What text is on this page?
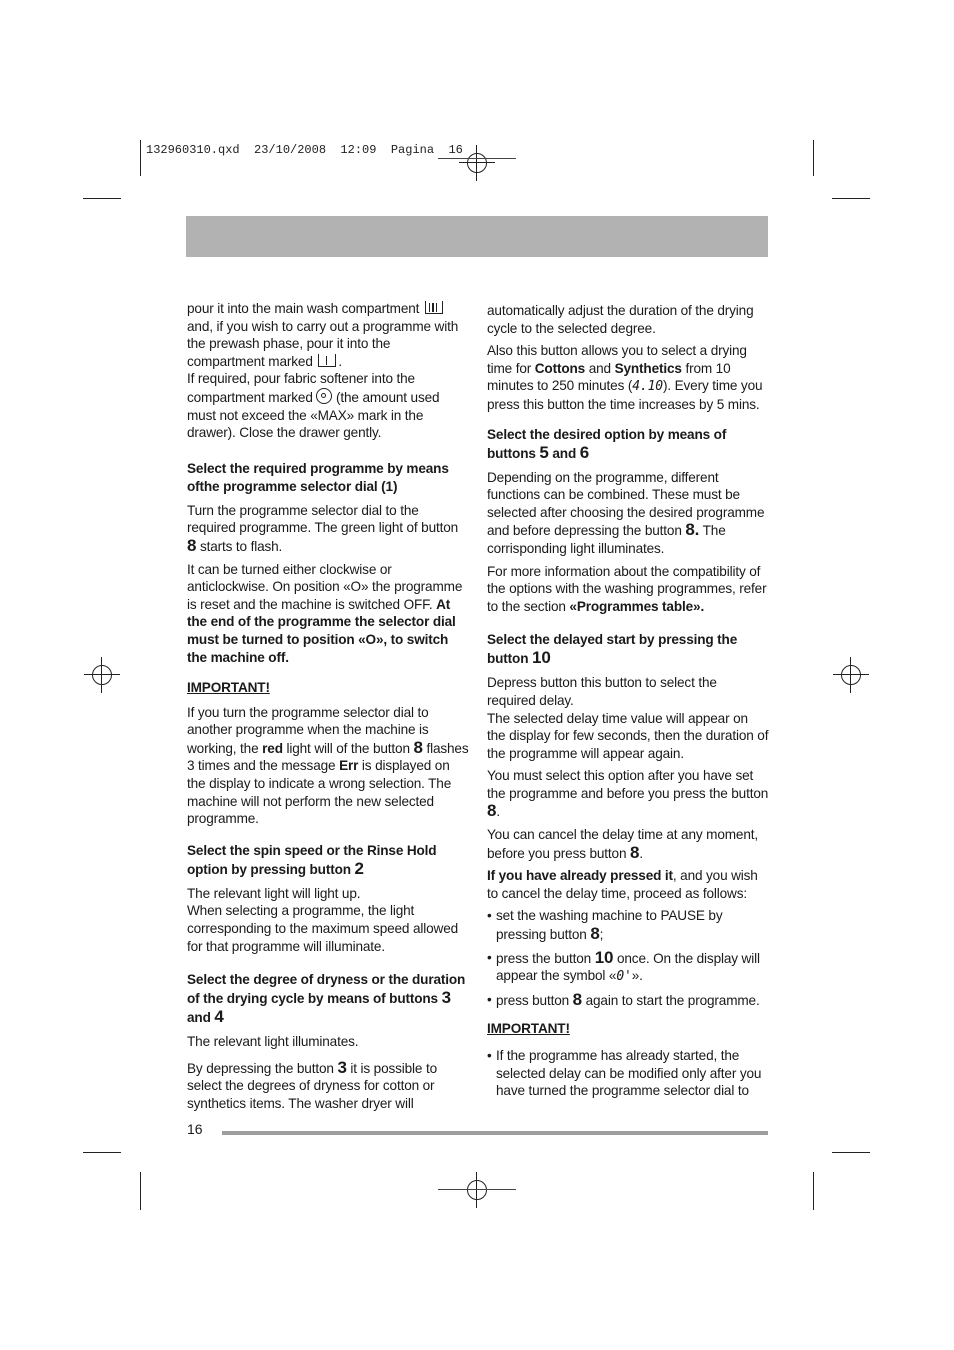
132960310.qxd  23/10/2008  12:09  Pagina  16

pour it into the main wash compartment
and, if you wish to carry out a programme with the prewash phase, pour it into the compartment marked .
If required, pour fabric softener into the compartment marked (the amount used must not exceed the «MAX» mark in the drawer). Close the drawer gently.

Select the required programme by means ofthe programme selector dial (1)

Turn the programme selector dial to the required programme. The green light of button 8 starts to flash.

It can be turned either clockwise or anticlockwise. On position «O» the programme is reset and the machine is switched OFF. At the end of the programme the selector dial must be turned to position «O», to switch the machine off.

IMPORTANT!

If you turn the programme selector dial to another programme when the machine is working, the red light will of the button 8 flashes 3 times and the message Err is displayed on the display to indicate a wrong selection. The machine will not perform the new selected programme.

Select the spin speed or the Rinse Hold option by pressing button 2

The relevant light will light up.
When selecting a programme, the light corresponding to the maximum speed allowed for that programme will illuminate.

Select the degree of dryness or the duration of the drying cycle by means of buttons 3 and 4

The relevant light illuminates.

By depressing the button 3 it is possible to select the degrees of dryness for cotton or synthetics items. The washer dryer will

automatically adjust the duration of the drying cycle to the selected degree.

Also this button allows you to select a drying time for Cottons and Synthetics from 10 minutes to 250 minutes (4.10). Every time you press this button the time increases by 5 mins.

Select the desired option by means of buttons 5 and 6

Depending on the programme, different functions can be combined. These must be selected after choosing the desired programme and before depressing the button 8. The corrisponding light illuminates.

For more information about the compatibility of the options with the washing programmes, refer to the section «Programmes table».

Select the delayed start by pressing the button 10

Depress button this button to select the required delay.
The selected delay time value will appear on the display for few seconds, then the duration of the programme will appear again.

You must select this option after you have set the programme and before you press the button 8.

You can cancel the delay time at any moment, before you press button 8.

If you have already pressed it, and you wish to cancel the delay time, proceed as follows:

• set the washing machine to PAUSE by pressing button 8;
• press the button 10 once. On the display will appear the symbol «0'».
• press button 8 again to start the programme.
IMPORTANT!
• If the programme has already started, the selected delay can be modified only after you have turned the programme selector dial to
16
